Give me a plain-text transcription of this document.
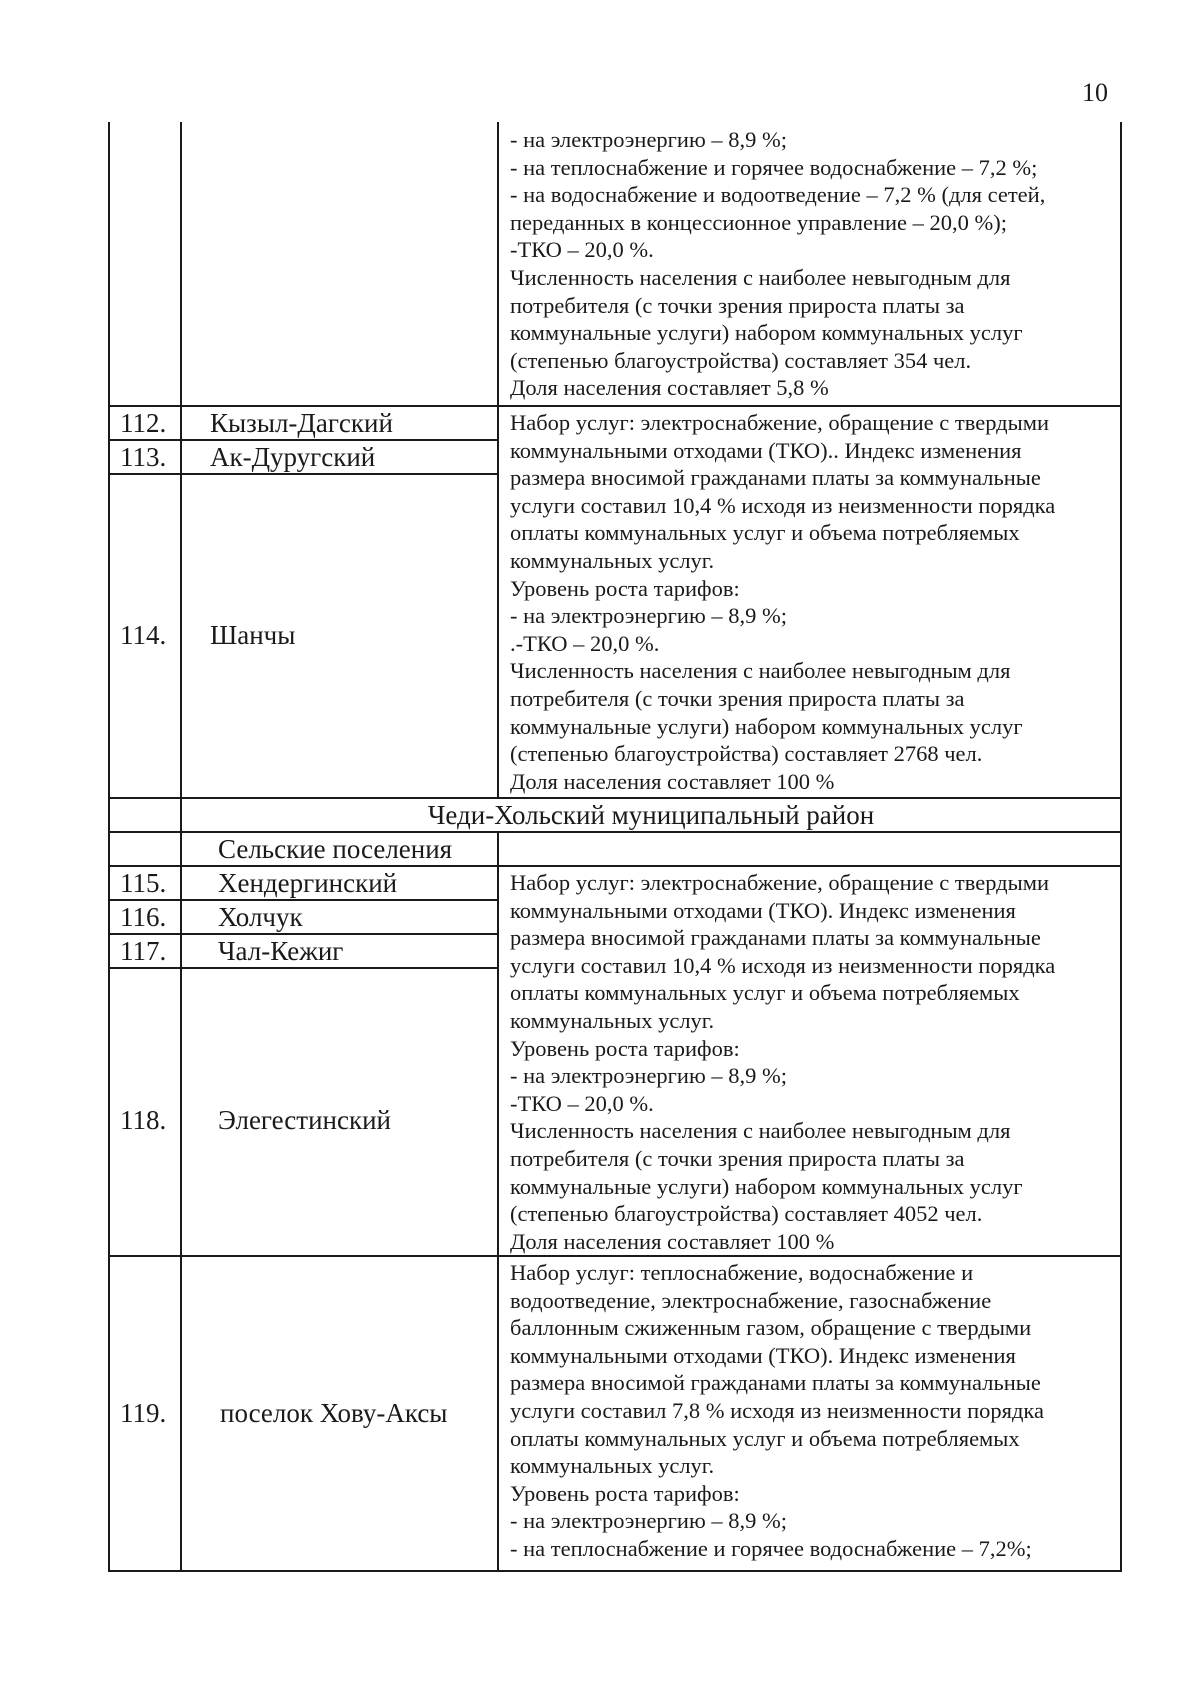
10
- на электроэнергию – 8,9 %;
- на теплоснабжение и горячее водоснабжение – 7,2 %;
- на водоснабжение и водоотведение – 7,2 % (для сетей,
переданных в концессионное управление – 20,0 %);
-ТКО – 20,0 %.
Численность населения с наиболее невыгодным для
потребителя (с точки зрения прироста платы за
коммунальные услуги) набором коммунальных услуг
(степенью благоустройства) составляет 354 чел.
Доля населения составляет 5,8 %
112. Кызыл-Дагский
113. Ак-Дуругский
114. Шанчы
Набор услуг: электроснабжение, обращение с твердыми
коммунальными отходами (ТКО).. Индекс изменения
размера вносимой гражданами платы за коммунальные
услуги составил 10,4 % исходя из неизменности порядка
оплаты коммунальных услуг и объема потребляемых
коммунальных услуг.
Уровень роста тарифов:
- на электроэнергию – 8,9 %;
.-ТКО – 20,0 %.
Численность населения с наиболее невыгодным для
потребителя (с точки зрения прироста платы за
коммунальные услуги) набором коммунальных услуг
(степенью благоустройства) составляет 2768 чел.
Доля населения составляет 100 %
Чеди-Хольский муниципальный район
Сельские поселения
115. Хендергинский
116. Холчук
117. Чал-Кежиг
118. Элегестинский
Набор услуг: электроснабжение, обращение с твердыми
коммунальными отходами (ТКО). Индекс изменения
размера вносимой гражданами платы за коммунальные
услуги составил 10,4 % исходя из неизменности порядка
оплаты коммунальных услуг и объема потребляемых
коммунальных услуг.
Уровень роста тарифов:
- на электроэнергию – 8,9 %;
-ТКО – 20,0 %.
Численность населения с наиболее невыгодным для
потребителя (с точки зрения прироста платы за
коммунальные услуги) набором коммунальных услуг
(степенью благоустройства) составляет 4052 чел.
Доля населения составляет 100 %
119. поселок Хову-Аксы
Набор услуг: теплоснабжение, водоснабжение и
водоотведение, электроснабжение, газоснабжение
баллонным сжиженным газом, обращение с твердыми
коммунальными отходами (ТКО). Индекс изменения
размера вносимой гражданами платы за коммунальные
услуги составил 7,8 % исходя из неизменности порядка
оплаты коммунальных услуг и объема потребляемых
коммунальных услуг.
Уровень роста тарифов:
- на электроэнергию – 8,9 %;
- на теплоснабжение и горячее водоснабжение – 7,2%;
